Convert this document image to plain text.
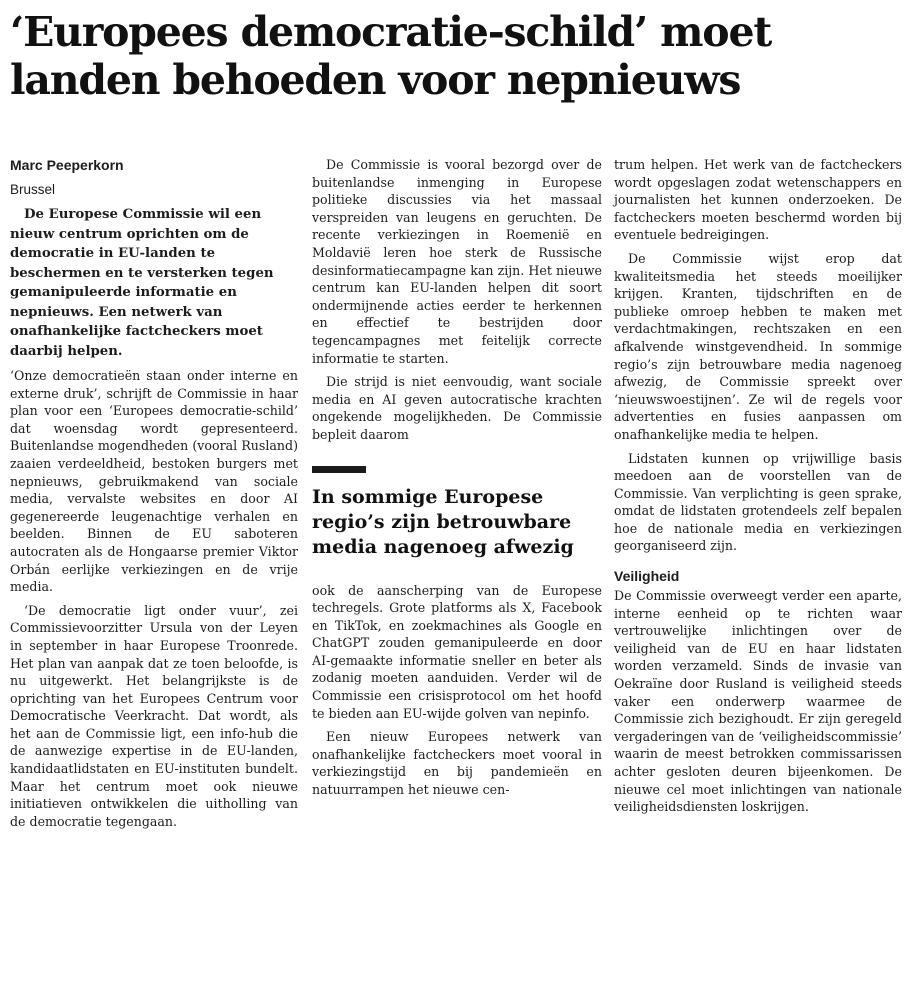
‘Europees democratie-schild’ moet
landen behoeden voor nepnieuws

Marc Peeperkorn

Brussel

De Europese Commissie wil een nieuw centrum oprichten om de democratie in EU-landen te beschermen en te versterken tegen gemanipuleerde informatie en nepnieuws. Een netwerk van onafhankelijke factcheckers moet daarbij helpen.

‘Onze democratieën staan onder interne en externe druk’, schrijft de Commissie in haar plan voor een ‘Europees democratie-schild’ dat woensdag wordt gepresenteerd. Buitenlandse mogendheden (vooral Rusland) zaaien verdeeldheid, bestoken burgers met nepnieuws, gebruikmakend van sociale media, vervalste websites en door AI gegenereerde leugenachtige verhalen en beelden. Binnen de EU saboteren autocraten als de Hongaarse premier Viktor Orbán eerlijke verkiezingen en de vrije media.

‘De democratie ligt onder vuur’, zei Commissievoorzitter Ursula von der Leyen in september in haar Europese Troonrede. Het plan van aanpak dat ze toen beloofde, is nu uitgewerkt. Het belangrijkste is de oprichting van het Europees Centrum voor Democratische Veerkracht. Dat wordt, als het aan de Commissie ligt, een info-hub die de aanwezige expertise in de EU-landen, kandidaatlidstaten en EU-instituten bundelt. Maar het centrum moet ook nieuwe initiatieven ontwikkelen die uitholling van de democratie tegengaan.

De Commissie is vooral bezorgd over de buitenlandse inmenging in Europese politieke discussies via het massaal verspreiden van leugens en geruchten. De recente verkiezingen in Roemenië en Moldavië leren hoe sterk de Russische desinformatiecampagne kan zijn. Het nieuwe centrum kan EU-landen helpen dit soort ondermijnende acties eerder te herkennen en effectief te bestrijden door tegencampagnes met feitelijk correcte informatie te starten.

Die strijd is niet eenvoudig, want sociale media en AI geven autocratische krachten ongekende mogelijkheden. De Commissie bepleit daarom

In sommige Europese regio’s zijn betrouwbare media nagenoeg afwezig

ook de aanscherping van de Europese techregels. Grote platforms als X, Facebook en TikTok, en zoekmachines als Google en ChatGPT zouden gemanipuleerde en door AI-gemaakte informatie sneller en beter als zodanig moeten aanduiden. Verder wil de Commissie een crisisprotocol om het hoofd te bieden aan EU-wijde golven van nepinfo.

Een nieuw Europees netwerk van onafhankelijke factcheckers moet vooral in verkiezingstijd en bij pandemieën en natuurrampen het nieuwe cen-

trum helpen. Het werk van de factcheckers wordt opgeslagen zodat wetenschappers en journalisten het kunnen onderzoeken. De factcheckers moeten beschermd worden bij eventuele bedreigingen.

De Commissie wijst erop dat kwaliteitsmedia het steeds moeilijker krijgen. Kranten, tijdschriften en de publieke omroep hebben te maken met verdachtmakingen, rechtszaken en een afkalvende winstgevendheid. In sommige regio’s zijn betrouwbare media nagenoeg afwezig, de Commissie spreekt over ‘nieuwswoestijnen’. Ze wil de regels voor advertenties en fusies aanpassen om onafhankelijke media te helpen.

Lidstaten kunnen op vrijwillige basis meedoen aan de voorstellen van de Commissie. Van verplichting is geen sprake, omdat de lidstaten grotendeels zelf bepalen hoe de nationale media en verkiezingen georganiseerd zijn.

Veiligheid

De Commissie overweegt verder een aparte, interne eenheid op te richten waar vertrouwelijke inlichtingen over de veiligheid van de EU en haar lidstaten worden verzameld. Sinds de invasie van Oekraïne door Rusland is veiligheid steeds vaker een onderwerp waarmee de Commissie zich bezighoudt. Er zijn geregeld vergaderingen van de ‘veiligheidscommissie’ waarin de meest betrokken commissarissen achter gesloten deuren bijeenkomen. De nieuwe cel moet inlichtingen van nationale veiligheidsdiensten loskrijgen.
